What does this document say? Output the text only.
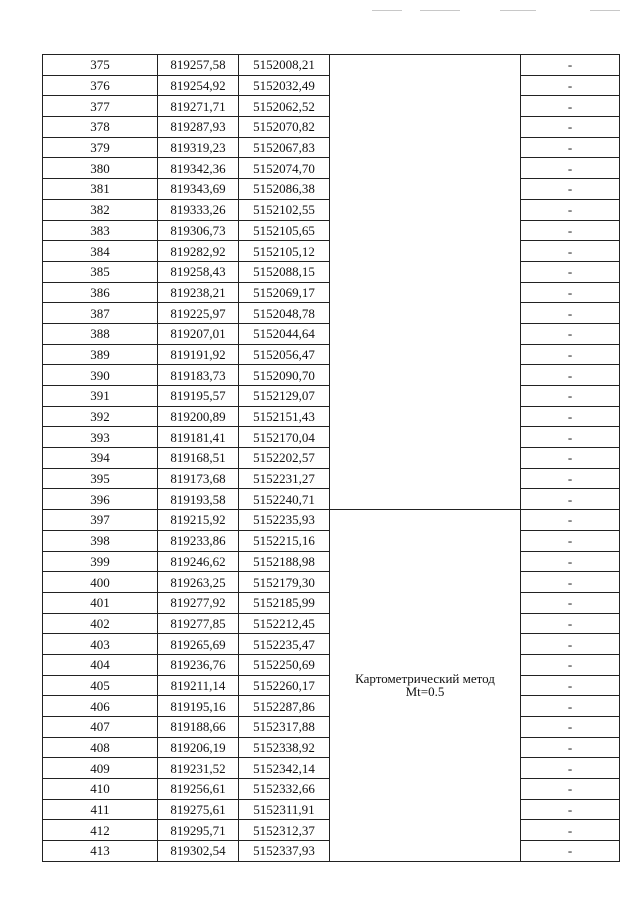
375	819257,58	5152008,21		-
376	819254,92	5152032,49		-
377	819271,71	5152062,52		-
378	819287,93	5152070,82		-
379	819319,23	5152067,83		-
380	819342,36	5152074,70		-
381	819343,69	5152086,38		-
382	819333,26	5152102,55		-
383	819306,73	5152105,65		-
384	819282,92	5152105,12		-
385	819258,43	5152088,15		-
386	819238,21	5152069,17		-
387	819225,97	5152048,78		-
388	819207,01	5152044,64		-
389	819191,92	5152056,47		-
390	819183,73	5152090,70		-
391	819195,57	5152129,07		-
392	819200,89	5152151,43		-
393	819181,41	5152170,04		-
394	819168,51	5152202,57		-
395	819173,68	5152231,27		-
396	819193,58	5152240,71		-
397	819215,92	5152235,93	Картометрический метод
Mt=0.5	-
398	819233,86	5152215,16		-
399	819246,62	5152188,98		-
400	819263,25	5152179,30		-
401	819277,92	5152185,99		-
402	819277,85	5152212,45		-
403	819265,69	5152235,47		-
404	819236,76	5152250,69		-
405	819211,14	5152260,17		-
406	819195,16	5152287,86		-
407	819188,66	5152317,88		-
408	819206,19	5152338,92		-
409	819231,52	5152342,14		-
410	819256,61	5152332,66		-
411	819275,61	5152311,91		-
412	819295,71	5152312,37		-
413	819302,54	5152337,93		-
